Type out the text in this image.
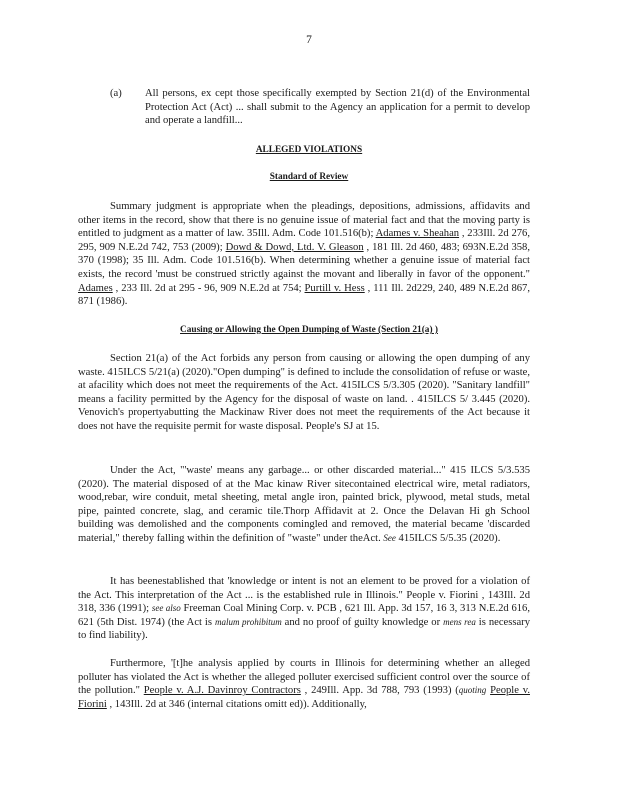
7
(a) All persons, ex cept those specifically exempted by Section 21(d) of the Environmental Protection Act (Act) ... shall submit to the Agency an application for a permit to develop and operate a landfill...
ALLEGED VIOLATIONS
Standard of Review
Summary judgment is appropriate when the pleadings, depositions, admissions, affidavits and other items in the record, show that there is no genuine issue of material fact and that the moving party is entitled to judgment as a matter of law. 35Ill. Adm. Code 101.516(b); Adames v. Sheahan , 233Ill. 2d 276, 295, 909 N.E.2d 742, 753 (2009); Dowd & Dowd, Ltd. V. Gleason , 181 Ill. 2d 460, 483; 693N.E.2d 358, 370 (1998); 35 Ill. Adm. Code 101.516(b). When determining whether a genuine issue of material fact exists, the record 'must be construed strictly against the movant and liberally in favor of the opponent." Adames , 233 Ill. 2d at 295 - 96, 909 N.E.2d at 754; Purtill v. Hess , 111 Ill. 2d229, 240, 489 N.E.2d 867, 871 (1986).
Causing or Allowing the Open Dumping of Waste (Section 21(a) )
Section 21(a) of the Act forbids any person from causing or allowing the open dumping of any waste. 415ILCS 5/21(a) (2020)."Open dumping" is defined to include the consolidation of refuse or waste, at afacility which does not meet the requirements of the Act. 415ILCS 5/3.305 (2020). "Sanitary landfill" means a facility permitted by the Agency for the disposal of waste on land. . 415ILCS 5/ 3.445 (2020). Venovich's propertyabutting the Mackinaw River does not meet the requirements of the Act because it does not have the requisite permit for waste disposal. People's SJ at 15.
Under the Act, "'waste' means any garbage... or other discarded material..." 415 ILCS 5/3.535 (2020). The material disposed of at the Mac kinaw River sitecontained electrical wire, metal radiators, wood,rebar, wire conduit, metal sheeting, metal angle iron, painted brick, plywood, metal studs, metal pipe, painted concrete, slag, and ceramic tile.Thorp Affidavit at 2. Once the Delavan Hi gh School building was demolished and the components comingled and removed, the material became 'discarded material," thereby falling within the definition of "waste" under theAct. See 415ILCS 5/5.35 (2020).
It has beenestablished that 'knowledge or intent is not an element to be proved for a violation of the Act. This interpretation of the Act ... is the established rule in Illinois." People v. Fiorini , 143Ill. 2d 318, 336 (1991); see also Freeman Coal Mining Corp. v. PCB , 621 Ill. App. 3d 157, 16 3, 313 N.E.2d 616, 621 (5th Dist. 1974) (the Act is malum prohibitum and no proof of guilty knowledge or mens rea is necessary to find liability).
Furthermore, '[t]he analysis applied by courts in Illinois for determining whether an alleged polluter has violated the Act is whether the alleged polluter exercised sufficient control over the source of the pollution." People v. A.J. Davinroy Contractors , 249Ill. App. 3d 788, 793 (1993) (quoting People v. Fiorini , 143Ill. 2d at 346 (internal citations omitt ed)). Additionally,
